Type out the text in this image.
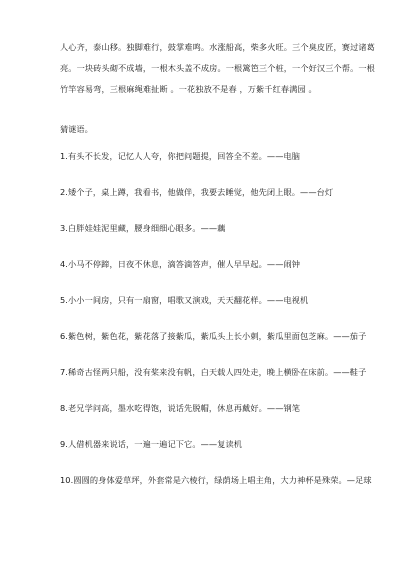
人心齐，泰山移。独脚难行，鼓掌难鸣。水涨船高，柴多火旺。三个臭皮匠，赛过诸葛

亮。一块砖头砌不成墙，一根木头盖不成房。一根篱笆三个桩，一个好汉三个帮。一根

竹竿容易弯，三根麻绳难扯断 。一花独放不是春 ，万紫千红春满园 。

猜谜语。

1.有头不长发，记忆人人夸，你把问题提，回答全不差。——电脑
2.矮个子，桌上蹲，我看书，他做伴，我要去睡觉，他先闭上眼。——台灯
3.白胖娃娃泥里藏，腰身细细心眼多。——藕
4.小马不停蹄，日夜不休息，滴答滴答声，催人早早起。——闹钟
5.小小一间房，只有一扇窗，唱歌又演戏，天天翻花样。——电视机
6.紫色树，紫色花，紫花落了接紫瓜，紫瓜头上长小刺，紫瓜里面包芝麻。——茄子
7.稀奇古怪两只船，没有桨来没有帆，白天载人四处走，晚上横卧在床前。——鞋子
8.老兄学问高，墨水吃得饱，说话先脱帽，休息再戴好。——钢笔
9.人借机器来说话，一遍一遍记下它。——复读机
10.圆圆的身体爱草坪，外套常是六棱行，绿荫场上唱主角，大力神杯是殊荣。—足球
